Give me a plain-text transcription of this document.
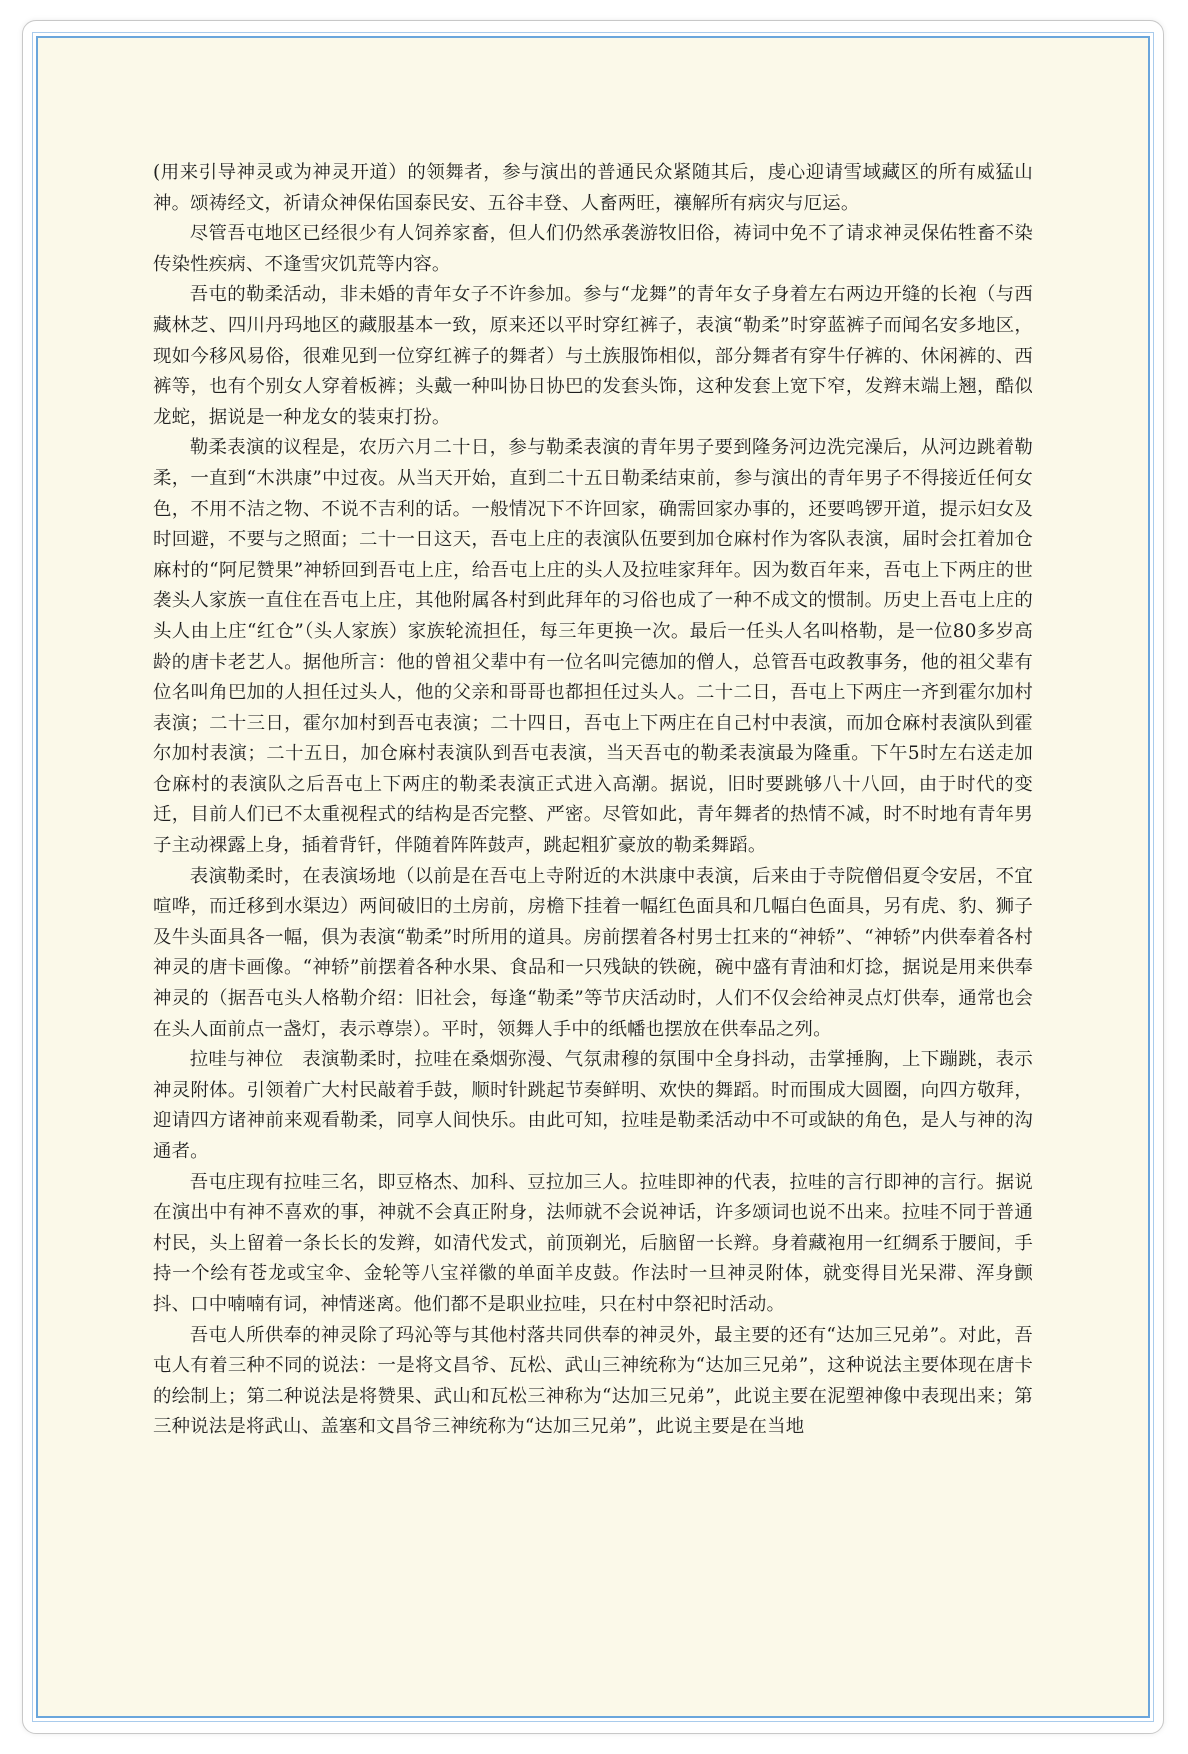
(用来引导神灵或为神灵开道）的领舞者，参与演出的普通民众紧随其后，虔心迎请雪域藏区的所有威猛山神。颂祷经文，祈请众神保佑国泰民安、五谷丰登、人畜两旺，禳解所有病灾与厄运。

尽管吾屯地区已经很少有人饲养家畜，但人们仍然承袭游牧旧俗，祷词中免不了请求神灵保佑牲畜不染传染性疾病、不逢雪灾饥荒等内容。

吾屯的勒柔活动，非未婚的青年女子不许参加。参与“龙舞”的青年女子身着左右两边开缝的长袍（与西藏林芝、四川丹玛地区的藏服基本一致，原来还以平时穿红裤子，表演“勒柔”时穿蓝裤子而闻名安多地区，现如今移风易俗，很难见到一位穿红裤子的舞者）与土族服饰相似，部分舞者有穿牛仔裤的、休闲裤的、西裤等，也有个别女人穿着板裤；头戴一种叫协日协巴的发套头饰，这种发套上宽下窄，发辫末端上翘，酷似龙蛇，据说是一种龙女的装束打扮。

勒柔表演的议程是，农历六月二十日，参与勒柔表演的青年男子要到隆务河边洗完澡后，从河边跳着勒柔，一直到“木洪康”中过夜。从当天开始，直到二十五日勒柔结束前，参与演出的青年男子不得接近任何女色，不用不洁之物、不说不吉利的话。一般情况下不许回家，确需回家办事的，还要鸣锣开道，提示妇女及时回避，不要与之照面；二十一日这天，吾屯上庄的表演队伍要到加仓麻村作为客队表演，届时会扛着加仓麻村的“阿尼赞果”神轿回到吾屯上庄，给吾屯上庄的头人及拉哇家拜年。因为数百年来，吾屯上下两庄的世袭头人家族一直住在吾屯上庄，其他附属各村到此拜年的习俗也成了一种不成文的惯制。历史上吾屯上庄的头人由上庄“红仓”（头人家族）家族轮流担任，每三年更换一次。最后一任头人名叫格勒，是一位80多岁高龄的唐卡老艺人。据他所言：他的曾祖父辈中有一位名叫完德加的僧人，总管吾屯政教事务，他的祖父辈有位名叫角巴加的人担任过头人，他的父亲和哥哥也都担任过头人。二十二日，吾屯上下两庄一齐到霍尔加村表演；二十三日，霍尔加村到吾屯表演；二十四日，吾屯上下两庄在自己村中表演，而加仓麻村表演队到霍尔加村表演；二十五日，加仓麻村表演队到吾屯表演，当天吾屯的勒柔表演最为隆重。下午5时左右送走加仓麻村的表演队之后吾屯上下两庄的勒柔表演正式进入高潮。据说，旧时要跳够八十八回，由于时代的变迁，目前人们已不太重视程式的结构是否完整、严密。尽管如此，青年舞者的热情不减，时不时地有青年男子主动裸露上身，插着背钎，伴随着阵阵鼓声，跳起粗犷豪放的勒柔舞蹈。

表演勒柔时，在表演场地（以前是在吾屯上寺附近的木洪康中表演，后来由于寺院僧侣夏令安居，不宜喧哗，而迁移到水渠边）两间破旧的土房前，房檐下挂着一幅红色面具和几幅白色面具，另有虎、豹、狮子及牛头面具各一幅，俱为表演“勒柔”时所用的道具。房前摆着各村男士扛来的“神轿”、“神轿”内供奉着各村神灵的唐卡画像。“神轿”前摆着各种水果、食品和一只残缺的铁碗，碗中盛有青油和灯捻，据说是用来供奉神灵的（据吾屯头人格勒介绍：旧社会，每逢“勒柔”等节庆活动时，人们不仅会给神灵点灯供奉，通常也会在头人面前点一盏灯，表示尊崇）。平时，领舞人手中的纸幡也摆放在供奉品之列。

拉哇与神位　表演勒柔时，拉哇在桑烟弥漫、气氛肃穆的氛围中全身抖动，击掌捶胸，上下蹦跳，表示神灵附体。引领着广大村民敲着手鼓，顺时针跳起节奏鲜明、欢快的舞蹈。时而围成大圆圈，向四方敬拜，迎请四方诸神前来观看勒柔，同享人间快乐。由此可知，拉哇是勒柔活动中不可或缺的角色，是人与神的沟通者。

吾屯庄现有拉哇三名，即豆格杰、加科、豆拉加三人。拉哇即神的代表，拉哇的言行即神的言行。据说在演出中有神不喜欢的事，神就不会真正附身，法师就不会说神话，许多颂词也说不出来。拉哇不同于普通村民，头上留着一条长长的发辫，如清代发式，前顶剃光，后脑留一长辫。身着藏袍用一红绸系于腰间，手持一个绘有苍龙或宝伞、金轮等八宝祥徽的单面羊皮鼓。作法时一旦神灵附体，就变得目光呆滞、浑身颤抖、口中喃喃有词，神情迷离。他们都不是职业拉哇，只在村中祭祀时活动。

吾屯人所供奉的神灵除了玛沁等与其他村落共同供奉的神灵外，最主要的还有“达加三兄弟”。对此，吾屯人有着三种不同的说法：一是将文昌爷、瓦松、武山三神统称为“达加三兄弟”，这种说法主要体现在唐卡的绘制上；第二种说法是将赞果、武山和瓦松三神称为“达加三兄弟”，此说主要在泥塑神像中表现出来；第三种说法是将武山、盖塞和文昌爷三神统称为“达加三兄弟”，此说主要是在当地
